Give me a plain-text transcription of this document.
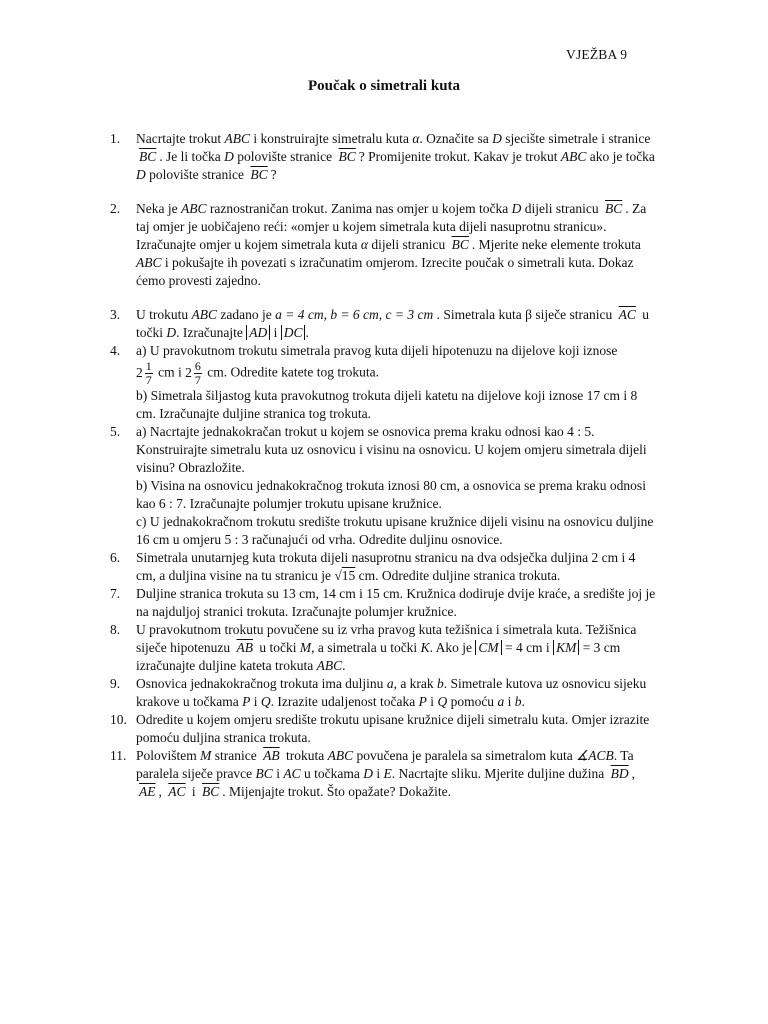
VJEŽBA 9
Poučak o simetrali kuta
1. Nacrtajte trokut ABC i konstruirajte simetralu kuta α. Označite sa D sjecište simetrale i stranice $\overline{BC}$ . Je li točka D polovište stranice $\overline{BC}$ ? Promijenite trokut. Kakav je trokut ABC ako je točka D polovište stranice $\overline{BC}$ ?
2. Neka je ABC raznostraničan trokut. Zanima nas omjer u kojem točka D dijeli stranicu $\overline{BC}$ . Za taj omjer je uobičajeno reći: «omjer u kojem simetrala kuta dijeli nasuprotnu stranicu». Izračunajte omjer u kojem simetrala kuta α dijeli stranicu $\overline{BC}$ . Mjerite neke elemente trokuta ABC i pokušajte ih povezati s izračunatim omjerom. Izrecite poučak o simetrali kuta. Dokaz ćemo provesti zajedno.
3. U trokutu ABC zadano je a = 4 cm, b = 6 cm, c = 3 cm . Simetrala kuta β siječe stranicu $\overline{AC}$ u točki D. Izračunajte AD i DC .
4. a) U pravokutnom trokutu simetrala pravog kuta dijeli hipotenuzu na dijelove koji iznose
$2 \frac{1}{7}$ cm i $2 \frac{6}{7}$ cm. Odredite katete tog trokuta.
b) Simetrala šiljastog kuta pravokutnog trokuta dijeli katetu na dijelove koji iznose 17 cm i 8 cm. Izračunajte duljine stranica tog trokuta.
5. a) Nacrtajte jednakokračan trokut u kojem se osnovica prema kraku odnosi kao 4 : 5. Konstruirajte simetralu kuta uz osnovicu i visinu na osnovicu. U kojem omjeru simetrala dijeli visinu? Obrazložite.
b) Visina na osnovicu jednakokračnog trokuta iznosi 80 cm, a osnovica se prema kraku odnosi kao 6 : 7. Izračunajte polumjer trokutu upisane kružnice.
c) U jednakokračnom trokutu središte trokutu upisane kružnice dijeli visinu na osnovicu duljine 16 cm u omjeru 5 : 3 računajući od vrha. Odredite duljinu osnovice.
6. Simetrala unutarnjeg kuta trokuta dijeli nasuprotnu stranicu na dva odsječka duljina 2 cm i 4 cm, a duljina visine na tu stranicu je √15 cm. Odredite duljine stranica trokuta.
7. Duljine stranica trokuta su 13 cm, 14 cm i 15 cm. Kružnica dodiruje dvije kraće, a središte joj je na najduljoj stranici trokuta. Izračunajte polumjer kružnice.
8. U pravokutnom trokutu povučene su iz vrha pravog kuta težišnica i simetrala kuta. Težišnica siječe hipotenuzu $\overline{AB}$ u točki M, a simetrala u točki K. Ako je CM = 4 cm i KM = 3 cm izračunajte duljine kateta trokuta ABC.
9. Osnovica jednakokračnog trokuta ima duljinu a, a krak b. Simetrale kutova uz osnovicu sijeku krakove u točkama P i Q. Izrazite udaljenost točaka P i Q pomoću a i b.
10. Odredite u kojem omjeru središte trokutu upisane kružnice dijeli simetralu kuta. Omjer izrazite pomoću duljina stranica trokuta.
11. Polovištem M stranice $\overline{AB}$ trokuta ABC povučena je paralela sa simetralom kuta ∡ACB. Ta paralela siječe pravce BC i AC u točkama D i E. Nacrtajte sliku. Mjerite duljine dužina $\overline{BD}$ , $\overline{AE}$ , $\overline{AC}$ i $\overline{BC}$ . Mijenjajte trokut. Što opažate? Dokažite.
